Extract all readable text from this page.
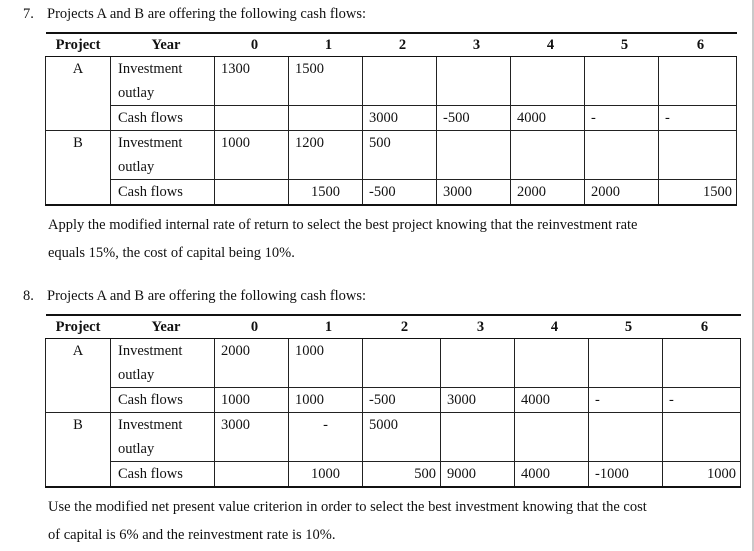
7. Projects A and B are offering the following cash flows:
Project	Year	0	1	2	3	4	5	6
A	Investment	1300	1500					
	outlay							
	Cash flows			3000	-500	4000	-	-
B	Investment	1000	1200	500				
	outlay							
	Cash flows		1500	-500	3000	2000	2000	1500
Apply the modified internal rate of return to select the best project knowing that the reinvestment rate
equals 15%, the cost of capital being 10%.
8. Projects A and B are offering the following cash flows:
Project	Year	0	1	2	3	4	5	6
A	Investment	2000	1000					
	outlay							
	Cash flows	1000	1000	-500	3000	4000	-	-
B	Investment	3000	-	5000				
	outlay							
	Cash flows		1000	500	9000	4000	-1000	1000
Use the modified net present value criterion in order to select the best investment knowing that the cost
of capital is 6% and the reinvestment rate is 10%.
